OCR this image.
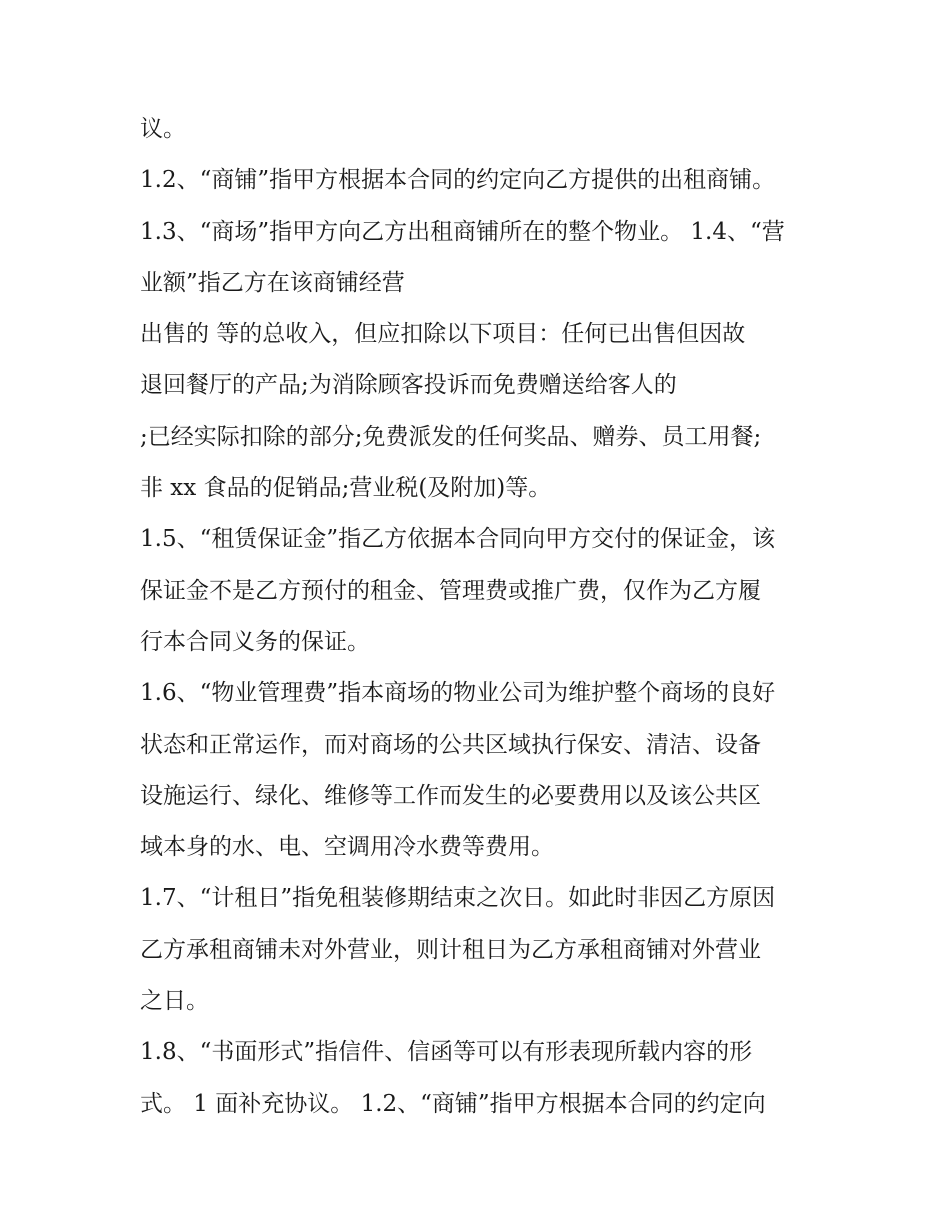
议。
1.2、“商铺”指甲方根据本合同的约定向乙方提供的出租商铺。
1.3、“商场”指甲方向乙方出租商铺所在的整个物业。 1.4、“营
业额”指乙方在该商铺经营
出售的 等的总收入，但应扣除以下项目：任何已出售但因故
退回餐厅的产品;为消除顾客投诉而免费赠送给客人的
;已经实际扣除的部分;免费派发的任何奖品、赠券、员工用餐;
非 xx 食品的促销品;营业税(及附加)等。
1.5、“租赁保证金”指乙方依据本合同向甲方交付的保证金，该
保证金不是乙方预付的租金、管理费或推广费，仅作为乙方履
行本合同义务的保证。
1.6、“物业管理费”指本商场的物业公司为维护整个商场的良好
状态和正常运作，而对商场的公共区域执行保安、清洁、设备
设施运行、绿化、维修等工作而发生的必要费用以及该公共区
域本身的水、电、空调用冷水费等费用。
1.7、“计租日”指免租装修期结束之次日。如此时非因乙方原因
乙方承租商铺未对外营业，则计租日为乙方承租商铺对外营业
之日。
1.8、“书面形式”指信件、信函等可以有形表现所载内容的形
式。 1 面补充协议。 1.2、“商铺”指甲方根据本合同的约定向
